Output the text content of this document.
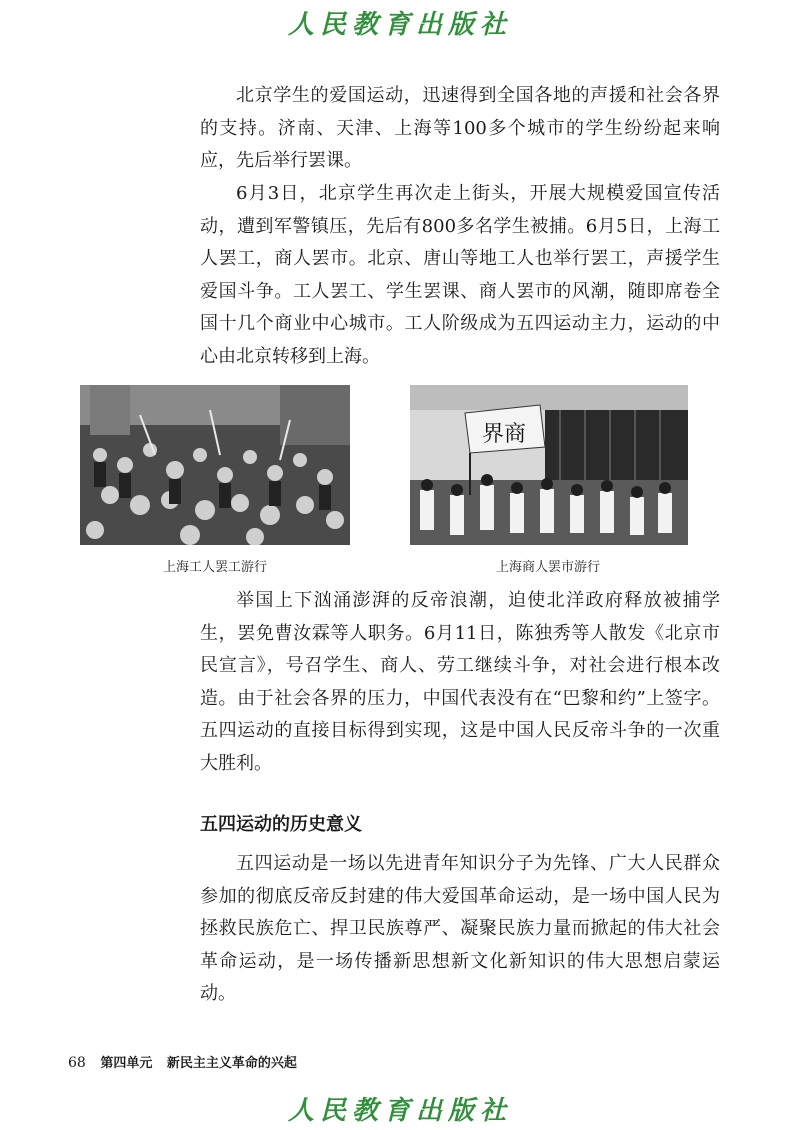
人民教育出版社

北京学生的爱国运动，迅速得到全国各地的声援和社会各界的支持。济南、天津、上海等100多个城市的学生纷纷起来响应，先后举行罢课。

6月3日，北京学生再次走上街头，开展大规模爱国宣传活动，遭到军警镇压，先后有800多名学生被捕。6月5日，上海工人罢工，商人罢市。北京、唐山等地工人也举行罢工，声援学生爱国斗争。工人罢工、学生罢课、商人罢市的风潮，随即席卷全国十几个商业中心城市。工人阶级成为五四运动主力，运动的中心由北京转移到上海。

界商
上海工人罢工游行	上海商人罢市游行

举国上下汹涌澎湃的反帝浪潮，迫使北洋政府释放被捕学生，罢免曹汝霖等人职务。6月11日，陈独秀等人散发《北京市民宣言》，号召学生、商人、劳工继续斗争，对社会进行根本改造。由于社会各界的压力，中国代表没有在“巴黎和约”上签字。五四运动的直接目标得到实现，这是中国人民反帝斗争的一次重大胜利。

五四运动的历史意义

五四运动是一场以先进青年知识分子为先锋、广大人民群众参加的彻底反帝反封建的伟大爱国革命运动，是一场中国人民为拯救民族危亡、捍卫民族尊严、凝聚民族力量而掀起的伟大社会革命运动，是一场传播新思想新文化新知识的伟大思想启蒙运动。

68 第四单元 新民主主义革命的兴起
人民教育出版社
